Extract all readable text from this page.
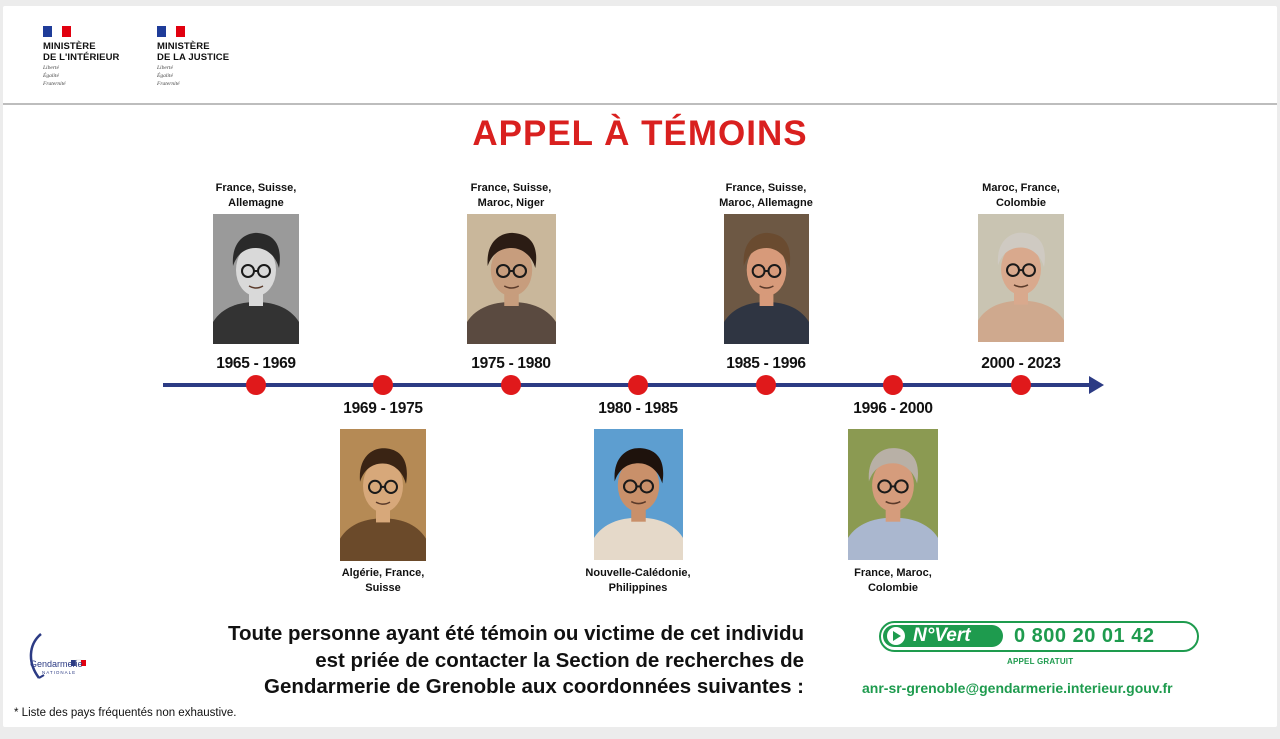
MINISTÈRE
DE L'INTÉRIEUR
Liberté
Égalité
Fraternité
MINISTÈRE
DE LA JUSTICE
Liberté
Égalité
Fraternité
APPEL À TÉMOINS
1965 - 1969
France, Suisse,
Allemagne
1969 - 1975
Algérie, France,
Suisse
1975 - 1980
France, Suisse,
Maroc, Niger
1980 - 1985
Nouvelle-Calédonie,
Philippines
1985 - 1996
France, Suisse,
Maroc, Allemagne
1996 - 2000
France, Maroc,
Colombie
2000 - 2023
Maroc, France,
Colombie
Gendarmerie
NATIONALE
Toute personne ayant été témoin ou victime de cet individu
est priée de contacter la Section de recherches de
Gendarmerie de Grenoble aux coordonnées suivantes :
N°Vert 0 800 20 01 42
APPEL GRATUIT
anr-sr-grenoble@gendarmerie.interieur.gouv.fr
* Liste des pays fréquentés non exhaustive.
